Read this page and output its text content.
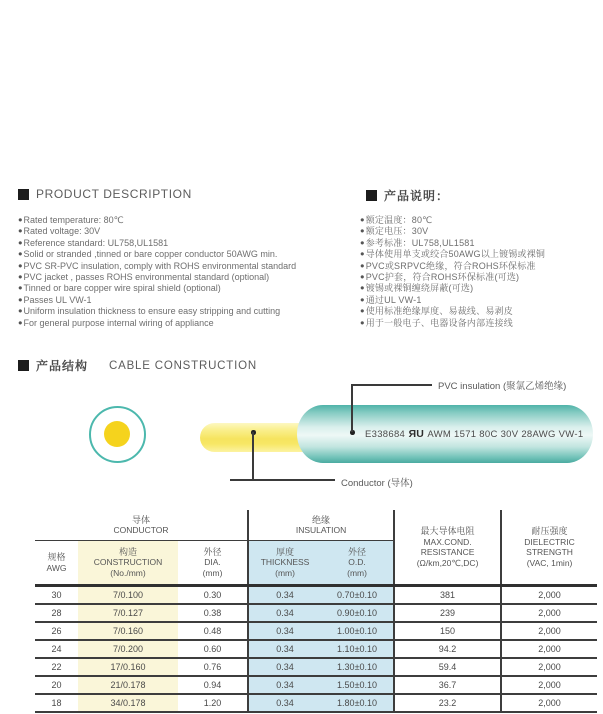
PRODUCT DESCRIPTION	产品说明：
● Rated temperature: 80℃
● Rated voltage: 30V
● Reference standard: UL758,UL1581
● Solid or stranded ,tinned or bare copper conductor 50AWG min.
● PVC SR-PVC insulation, comply with ROHS environmental standard
● PVC jacket , passes ROHS environmental standard (optional)
● Tinned or bare copper wire spiral shield (optional)
● Passes UL VW-1
● Uniform insulation thickness to ensure easy stripping and cutting
● For general purpose internal wiring of appliance
● 额定温度：80℃
● 额定电压：30V
● 参考标准：UL758,UL1581
● 导体使用单支或绞合50AWG以上镀锡或裸铜
● PVC或SRPVC绝缘，符合ROHS环保标准
● PVC护套，符合ROHS环保标准(可选)
● 镀锡或裸铜缠绕屏蔽(可选)
● 通过UL VW-1
● 使用标准绝缘厚度、易裁线、易剥皮
● 用于一般电子、电器设备内部连接线
产品结构 CABLE CONSTRUCTION
E338684 R U AWM 1571 80C 30V 28AWG VW-1
PVC insulation (聚氯乙烯绝缘)
Conductor (导体)
导体
CONDUCTOR			绝缘
INSULATION		最大导体电阻
MAX.COND.
RESISTANCE
(Ω/km,20℃,DC)	耐压强度
DIELECTRIC
STRENGTH
(VAC, 1min)

规格
AWG	构造
CONSTRUCTION
(No./mm)	外径
DIA.
(mm)	厚度
THICKNESS
(mm)	外径
O.D.
(mm)		

30	7/0.100	0.30	0.34	0.70±0.10	381	2,000
28	7/0.127	0.38	0.34	0.90±0.10	239	2,000
26	7/0.160	0.48	0.34	1.00±0.10	150	2,000
24	7/0.200	0.60	0.34	1.10±0.10	94.2	2,000
22	17/0.160	0.76	0.34	1.30±0.10	59.4	2,000
20	21/0.178	0.94	0.34	1.50±0.10	36.7	2,000
18	34/0.178	1.20	0.34	1.80±0.10	23.2	2,000
